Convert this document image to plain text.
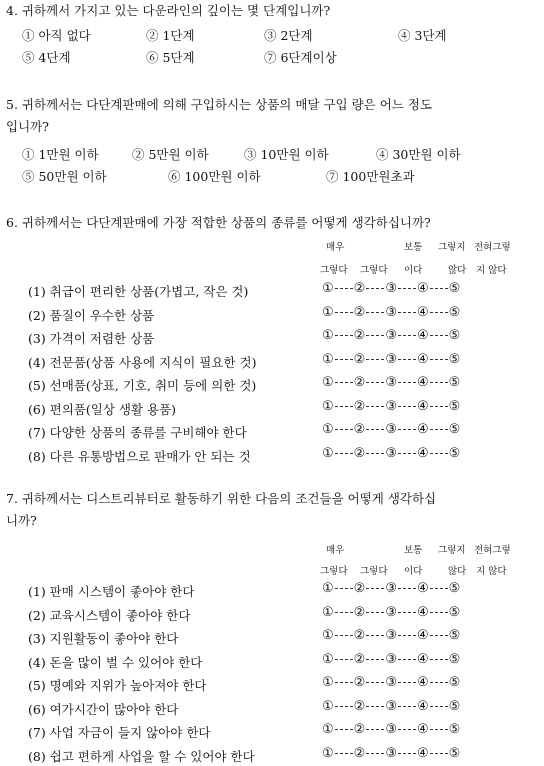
4. 귀하께서 가지고 있는 다운라인의 깊이는 몇 단계입니까?
① 아직 없다	② 1단계	③ 2단계	④ 3단계
⑤ 4단계	⑥ 5단계	⑦ 6단계이상
5. 귀하께서는 다단계판매에 의해 구입하시는 상품의 매달 구입 량은 어느 정도
입니까?
① 1만원 이하	② 5만원 이하	③ 10만원 이하	④ 30만원 이하
⑤ 50만원 이하	⑥ 100만원 이하	⑦ 100만원초과
6. 귀하께서는 다단계판매에 가장 적합한 상품의 종류를 어떻게 생각하십니까?
매우	보통 그렇지 전혀그렇
그렇다 그렇다 이다	않다 지 않다
(1) 취급이 편리한 상품(가볍고, 작은 것)	① ② ③ ④ ⑤
(2) 품질이 우수한 상품	① ② ③ ④ ⑤
(3) 가격이 저렴한 상품	① ② ③ ④ ⑤
(4) 전문품(상품 사용에 지식이 필요한 것)	① ② ③ ④ ⑤
(5) 선매품(상표, 기호, 취미 등에 의한 것)	① ② ③ ④ ⑤
(6) 편의품(일상 생활 용품)	① ② ③ ④ ⑤
(7) 다양한 상품의 종류를 구비해야 한다	① ② ③ ④ ⑤
(8) 다른 유통방법으로 판매가 안 되는 것	① ② ③ ④ ⑤
7. 귀하께서는 디스트리뷰터로 활동하기 위한 다음의 조건들을 어떻게 생각하십
니까?
매우	보통 그렇지 전혀그렇
그렇다 그렇다 이다	않다 지 않다
(1) 판매 시스템이 좋아야 한다	① ② ③ ④ ⑤
(2) 교육시스템이 좋아야 한다	① ② ③ ④ ⑤
(3) 지원활동이 좋아야 한다	① ② ③ ④ ⑤
(4) 돈을 많이 벌 수 있어야 한다	① ② ③ ④ ⑤
(5) 명예와 지위가 높아져야 한다	① ② ③ ④ ⑤
(6) 여가시간이 많아야 한다	① ② ③ ④ ⑤
(7) 사업 자금이 들지 않아야 한다	① ② ③ ④ ⑤
(8) 쉽고 편하게 사업을 할 수 있어야 한다	① ② ③ ④ ⑤
